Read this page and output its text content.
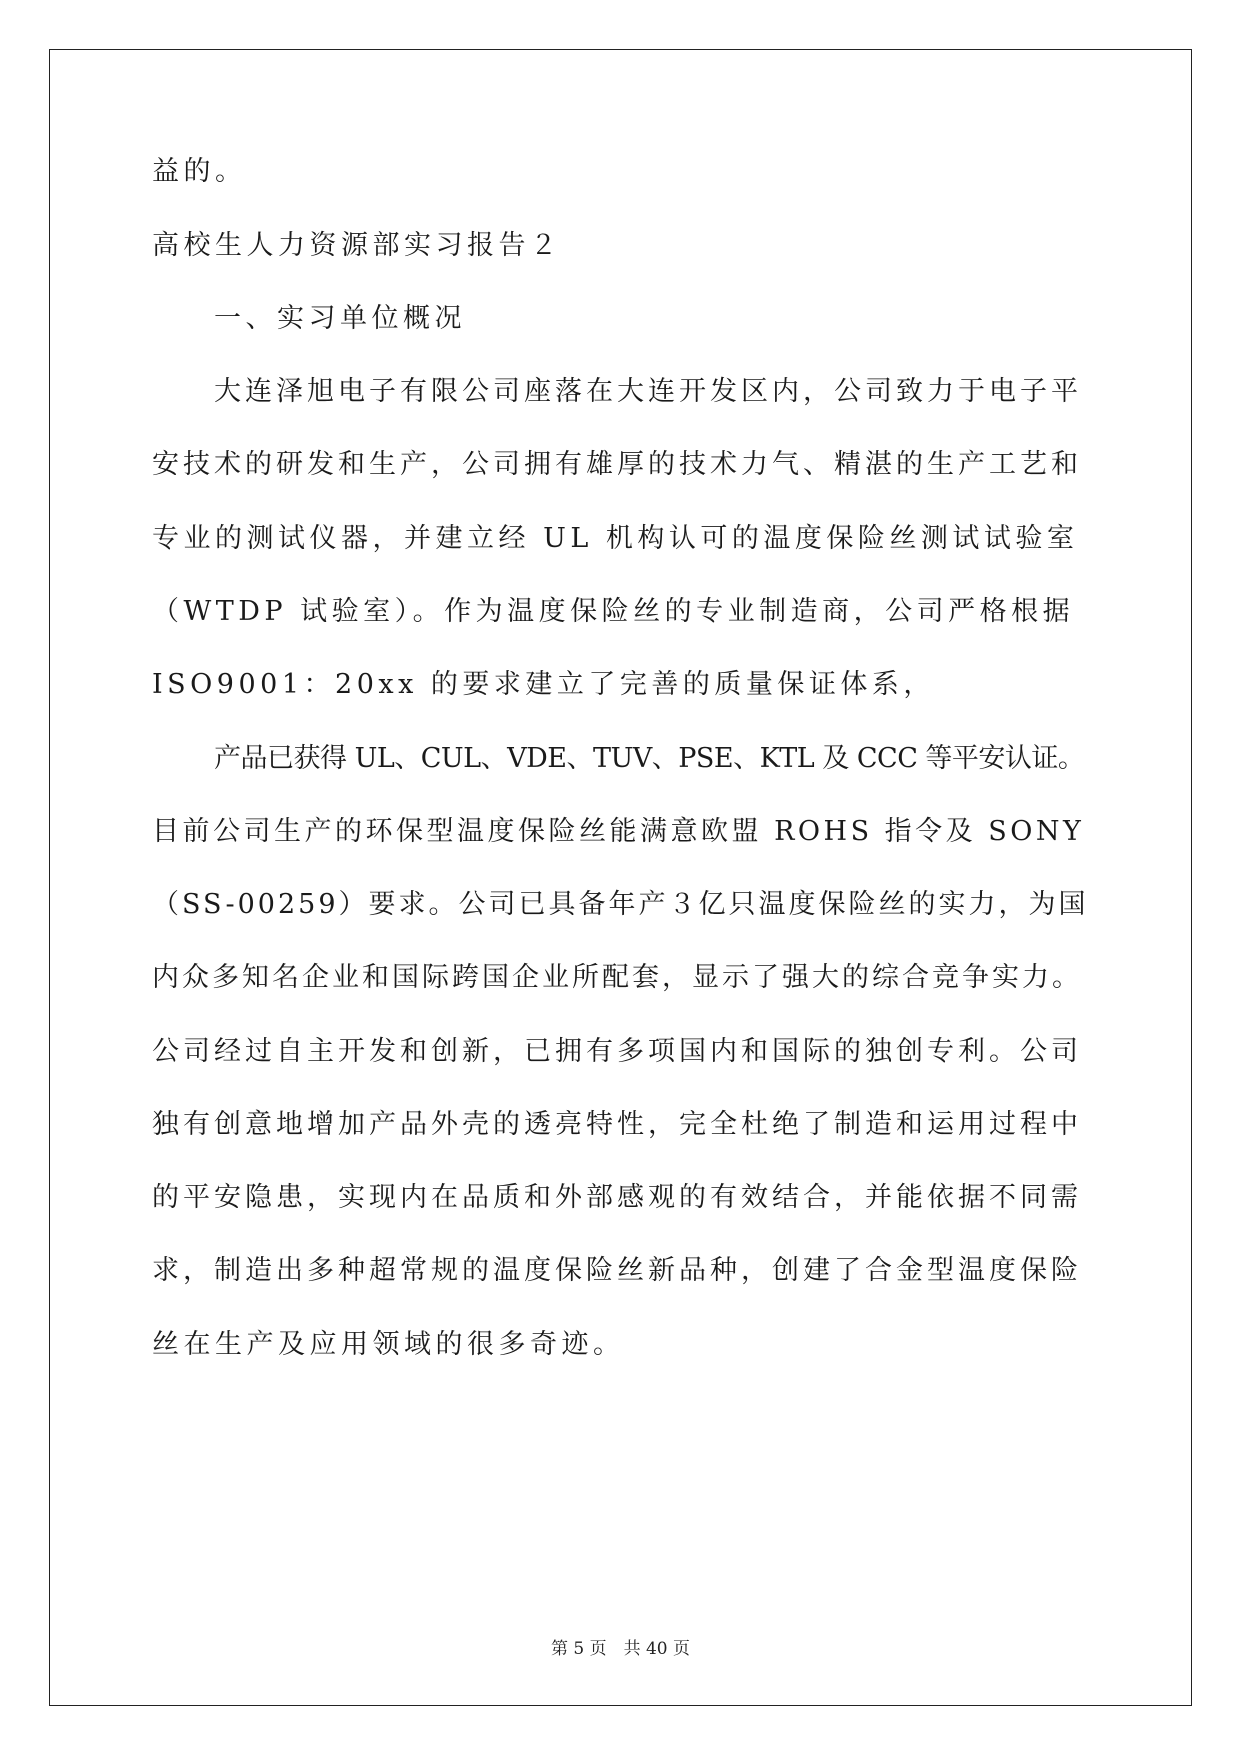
益的。
高校生人力资源部实习报告２
一、实习单位概况
大连泽旭电子有限公司座落在大连开发区内，公司致力于电子平
安技术的研发和生产，公司拥有雄厚的技术力气、精湛的生产工艺和
专业的测试仪器，并建立经 UL 机构认可的温度保险丝测试试验室
（WTDP 试验室）。作为温度保险丝的专业制造商，公司严格根据
ISO9001：20xx 的要求建立了完善的质量保证体系，
产品已获得 UL、CUL、VDE、TUV、PSE、KTL 及 CCC 等平安认证。
目前公司生产的环保型温度保险丝能满意欧盟 ROHS 指令及 SONY
（SS-00259）要求。公司已具备年产３亿只温度保险丝的实力，为国
内众多知名企业和国际跨国企业所配套，显示了强大的综合竞争实力。
公司经过自主开发和创新，已拥有多项国内和国际的独创专利。公司
独有创意地增加产品外壳的透亮特性，完全杜绝了制造和运用过程中
的平安隐患，实现内在品质和外部感观的有效结合，并能依据不同需
求，制造出多种超常规的温度保险丝新品种，创建了合金型温度保险
丝在生产及应用领域的很多奇迹。
第 5 页　共 40 页
